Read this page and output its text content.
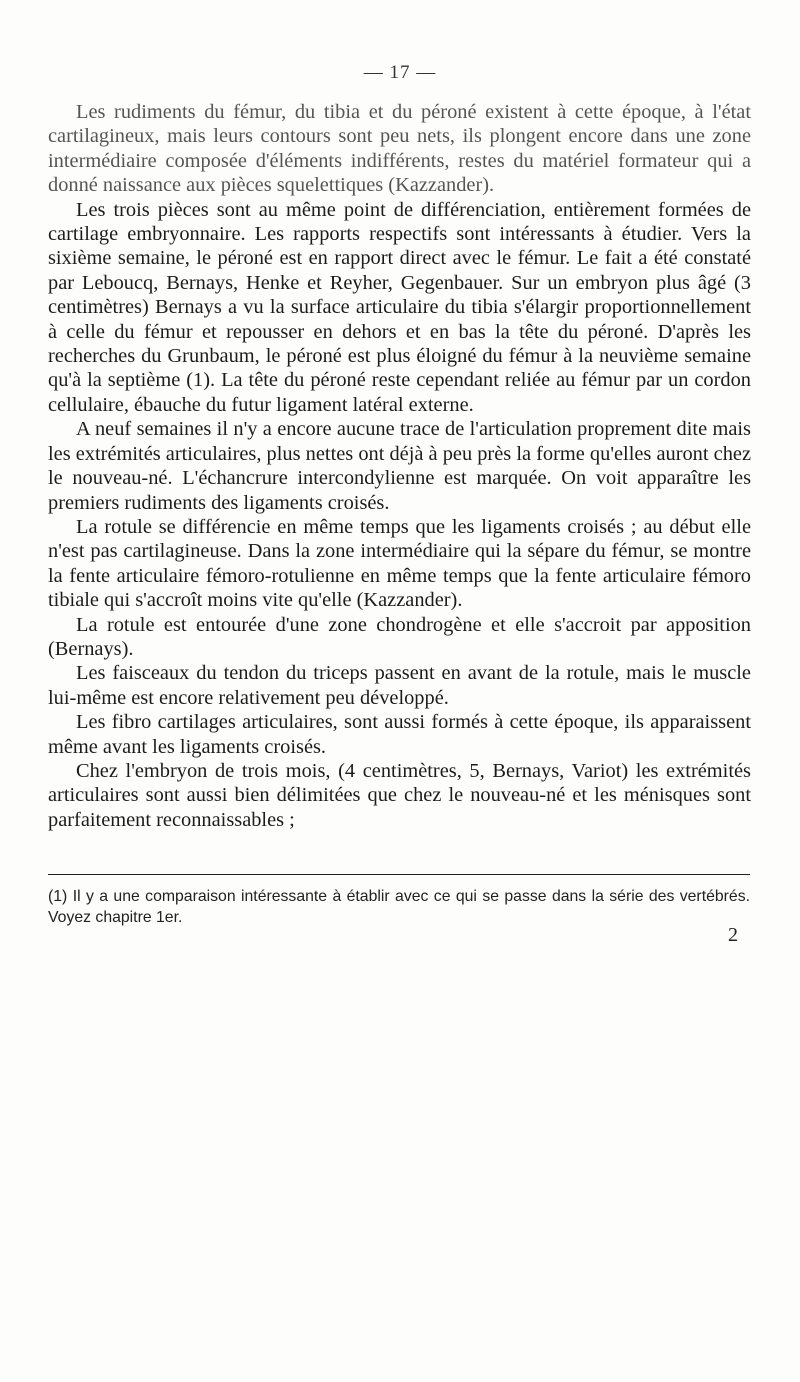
— 17 —

Les rudiments du fémur, du tibia et du péroné existent à cette époque, à l'état cartilagineux, mais leurs contours sont peu nets, ils plongent encore dans une zone intermédiaire composée d'éléments indifférents, restes du matériel formateur qui a donné naissance aux pièces squelettiques (Kazzander).

Les trois pièces sont au même point de différenciation, entièrement formées de cartilage embryonnaire. Les rapports respectifs sont intéressants à étudier. Vers la sixième semaine, le péroné est en rapport direct avec le fémur. Le fait a été constaté par Leboucq, Bernays, Henke et Reyher, Gegenbauer. Sur un embryon plus âgé (3 centimètres) Bernays a vu la surface articulaire du tibia s'élargir proportionnellement à celle du fémur et repousser en dehors et en bas la tête du péroné. D'après les recherches du Grunbaum, le péroné est plus éloigné du fémur à la neuvième semaine qu'à la septième (1). La tête du péroné reste cependant reliée au fémur par un cordon cellulaire, ébauche du futur ligament latéral externe.

A neuf semaines il n'y a encore aucune trace de l'articulation proprement dite mais les extrémités articulaires, plus nettes ont déjà à peu près la forme qu'elles auront chez le nouveau-né. L'échancrure intercondylienne est marquée. On voit apparaître les premiers rudiments des ligaments croisés.

La rotule se différencie en même temps que les ligaments croisés ; au début elle n'est pas cartilagineuse. Dans la zone intermédiaire qui la sépare du fémur, se montre la fente articulaire fémoro-rotulienne en même temps que la fente articulaire fémoro tibiale qui s'accroît moins vite qu'elle (Kazzander).

La rotule est entourée d'une zone chondrogène et elle s'accroit par apposition (Bernays).

Les faisceaux du tendon du triceps passent en avant de la rotule, mais le muscle lui-même est encore relativement peu développé.

Les fibro cartilages articulaires, sont aussi formés à cette époque, ils apparaissent même avant les ligaments croisés.

Chez l'embryon de trois mois, (4 centimètres, 5, Bernays, Variot) les extrémités articulaires sont aussi bien délimitées que chez le nouveau-né et les ménisques sont parfaitement reconnaissables ;

(1) Il y a une comparaison intéressante à établir avec ce qui se passe dans la série des vertébrés. Voyez chapitre 1er.
2
